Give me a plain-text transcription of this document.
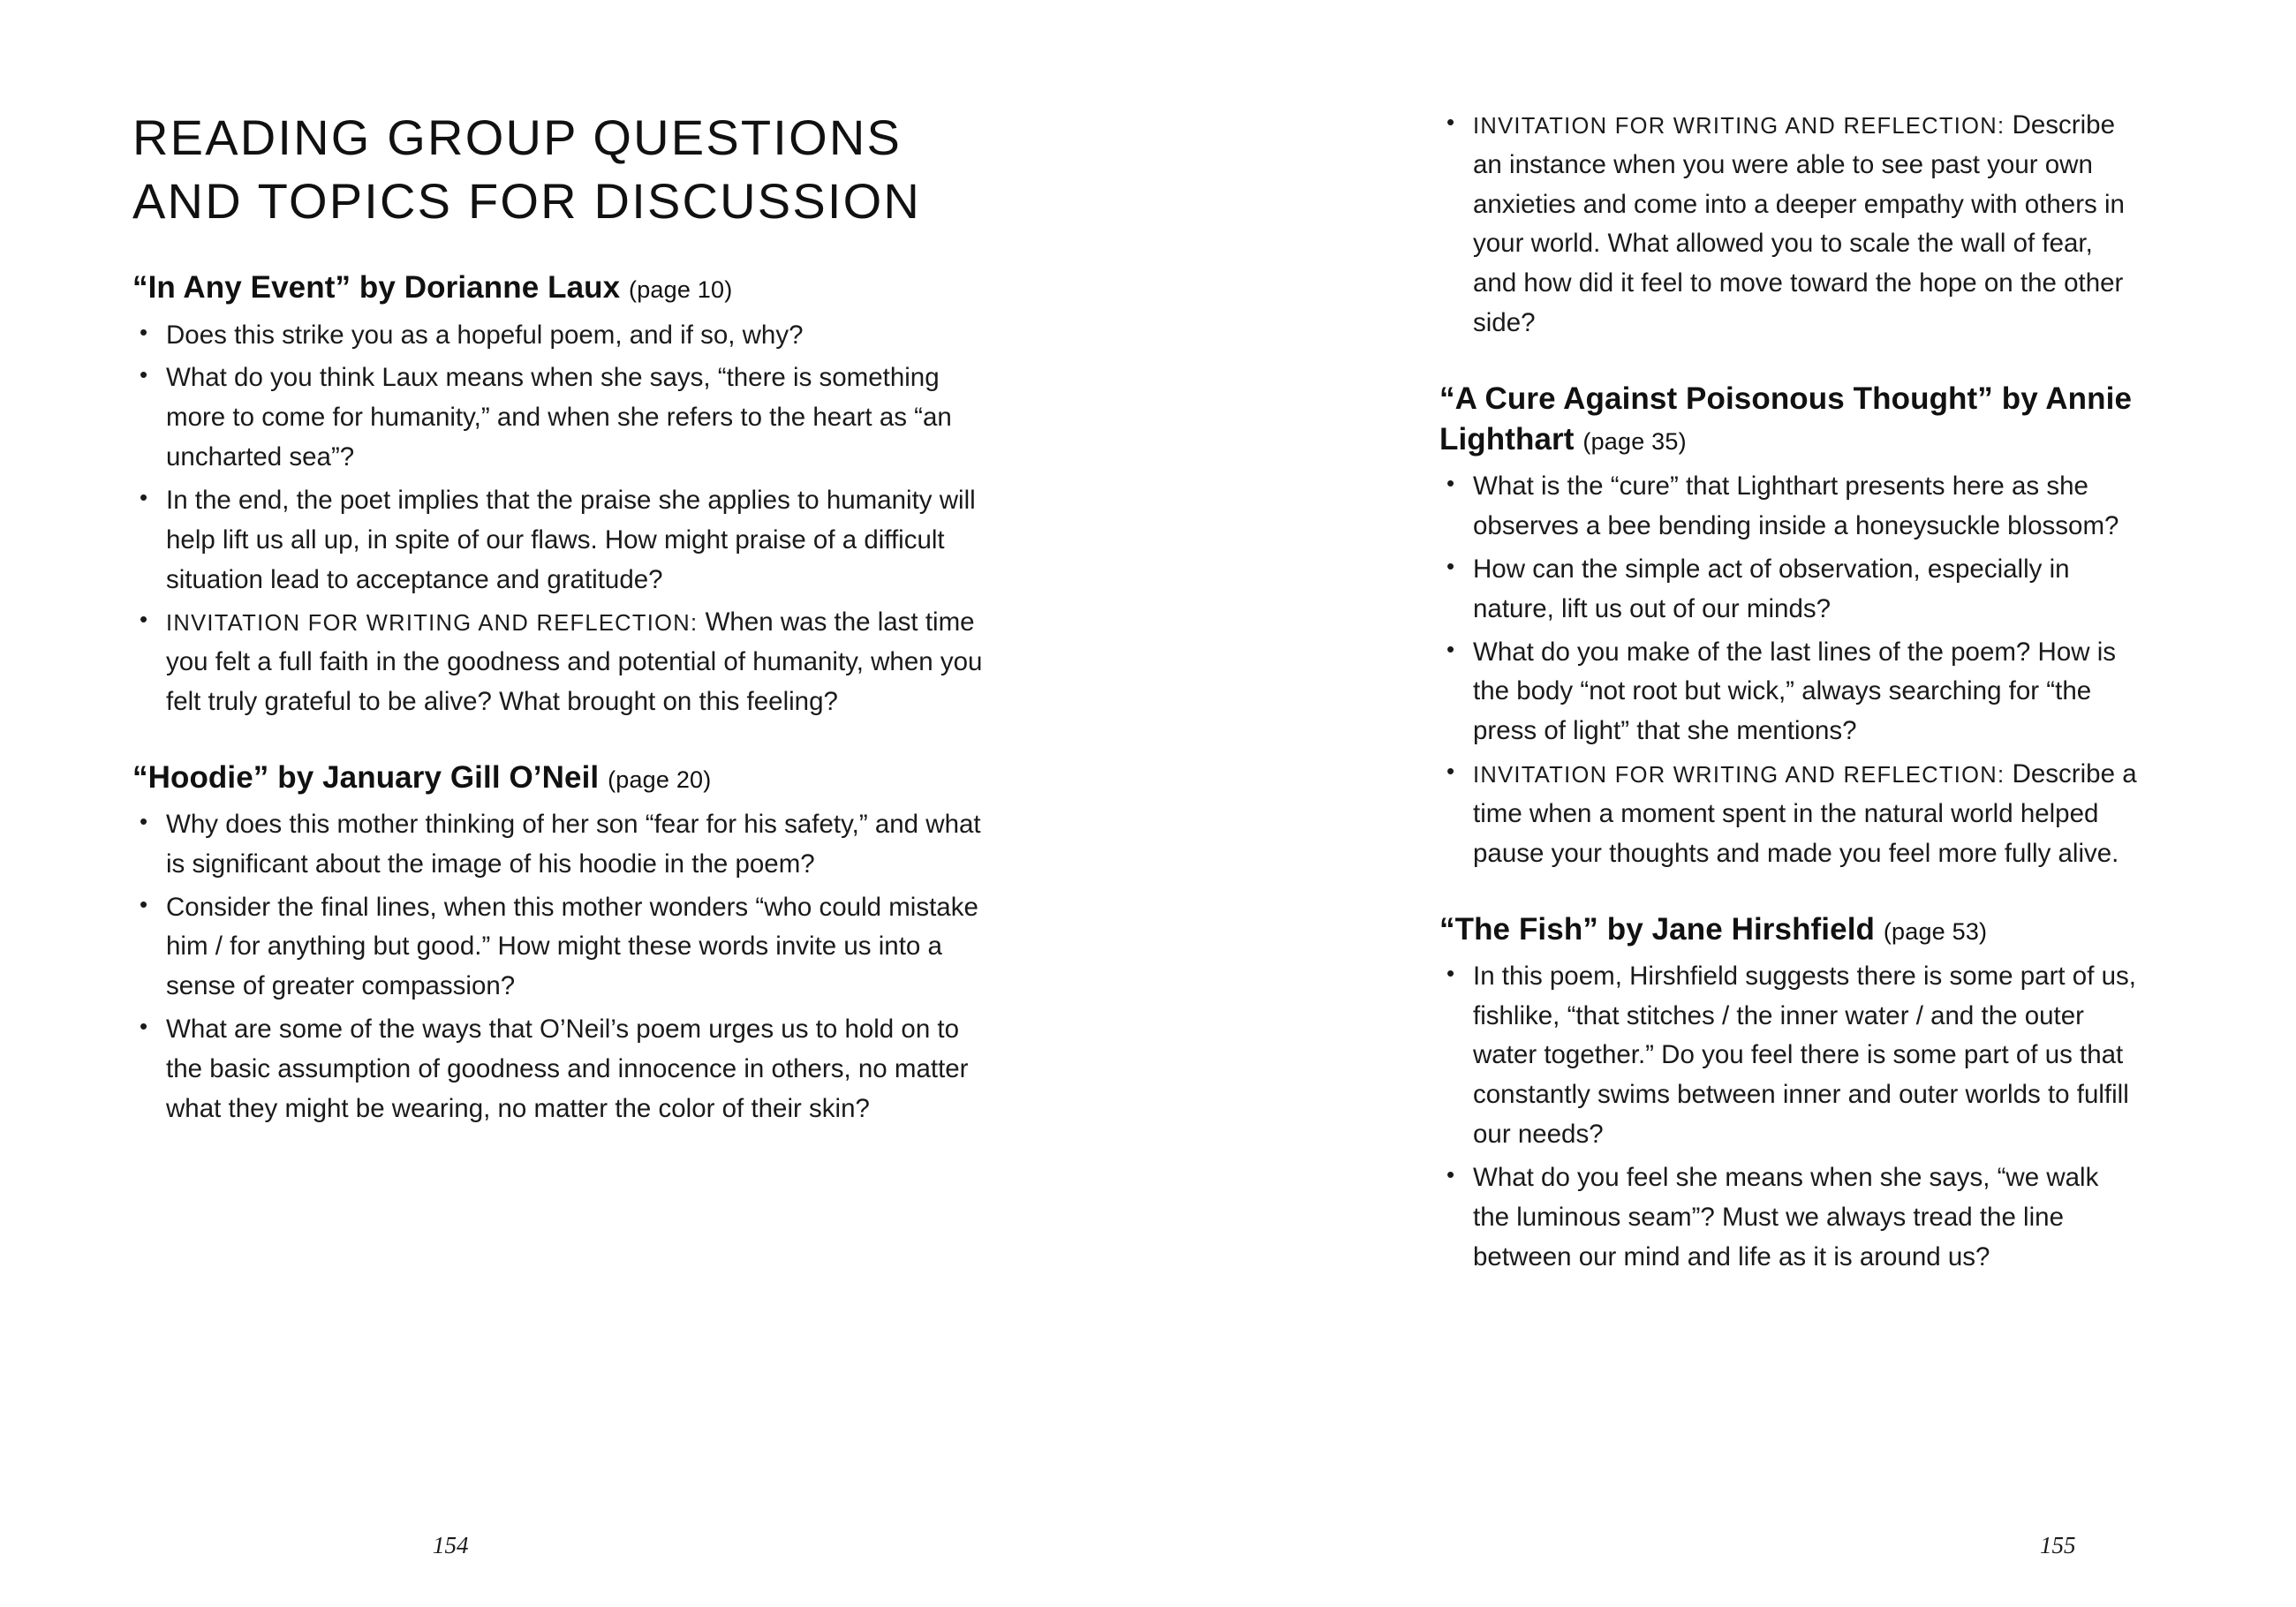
READING GROUP QUESTIONS AND TOPICS FOR DISCUSSION
“In Any Event” by Dorianne Laux (page 10)
• Does this strike you as a hopeful poem, and if so, why?
• What do you think Laux means when she says, “there is something more to come for humanity,” and when she refers to the heart as “an uncharted sea”?
• In the end, the poet implies that the praise she applies to humanity will help lift us all up, in spite of our flaws. How might praise of a difficult situation lead to acceptance and gratitude?
• INVITATION FOR WRITING AND REFLECTION: When was the last time you felt a full faith in the goodness and potential of humanity, when you felt truly grateful to be alive? What brought on this feeling?
“Hoodie” by January Gill O’Neil (page 20)
• Why does this mother thinking of her son “fear for his safety,” and what is significant about the image of his hoodie in the poem?
• Consider the final lines, when this mother wonders “who could mistake him / for anything but good.” How might these words invite us into a sense of greater compassion?
• What are some of the ways that O’Neil’s poem urges us to hold on to the basic assumption of goodness and innocence in others, no matter what they might be wearing, no matter the color of their skin?
154
• INVITATION FOR WRITING AND REFLECTION: Describe an instance when you were able to see past your own anxieties and come into a deeper empathy with others in your world. What allowed you to scale the wall of fear, and how did it feel to move toward the hope on the other side?
“A Cure Against Poisonous Thought” by Annie Lighthart (page 35)
• What is the “cure” that Lighthart presents here as she observes a bee bending inside a honeysuckle blossom?
• How can the simple act of observation, especially in nature, lift us out of our minds?
• What do you make of the last lines of the poem? How is the body “not root but wick,” always searching for “the press of light” that she mentions?
• INVITATION FOR WRITING AND REFLECTION: Describe a time when a moment spent in the natural world helped pause your thoughts and made you feel more fully alive.
“The Fish” by Jane Hirshfield (page 53)
• In this poem, Hirshfield suggests there is some part of us, fishlike, “that stitches / the inner water / and the outer water together.” Do you feel there is some part of us that constantly swims between inner and outer worlds to fulfill our needs?
• What do you feel she means when she says, “we walk the luminous seam”? Must we always tread the line between our mind and life as it is around us?
155
